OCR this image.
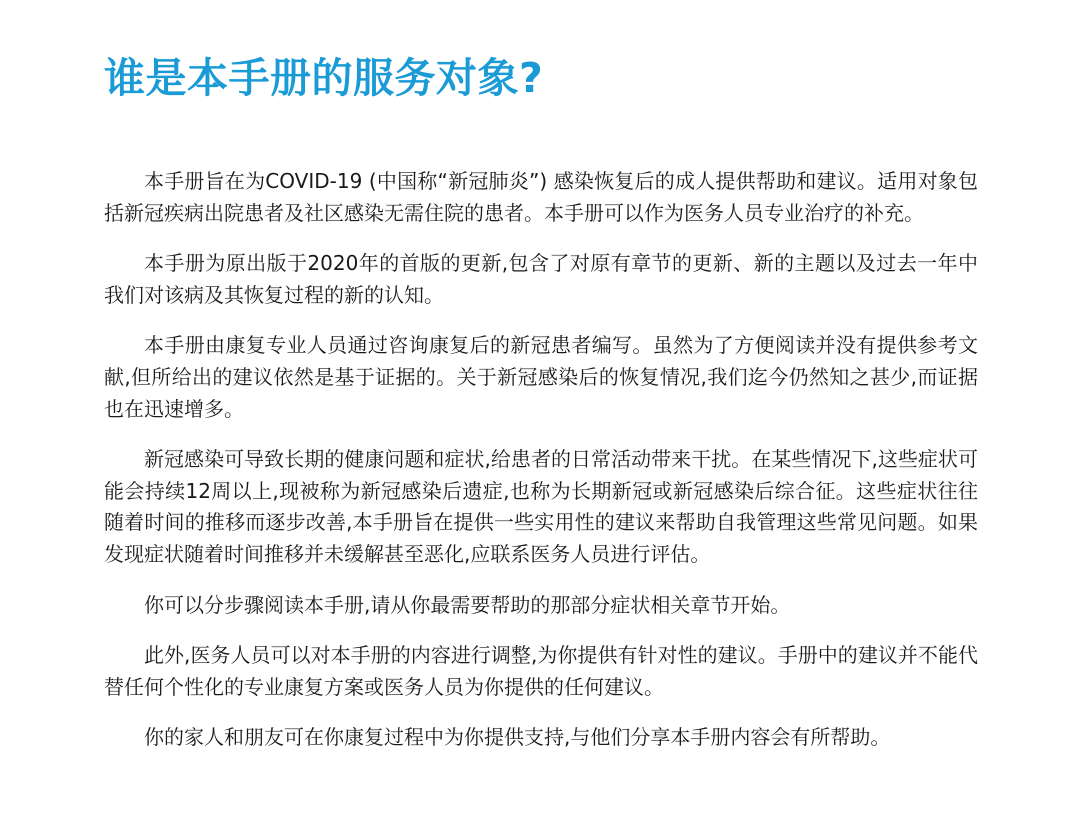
谁是本手册的服务对象?

本手册旨在为COVID-19 (中国称“新冠肺炎”) 感染恢复后的成人提供帮助和建议。适用对象包括新冠疾病出院患者及社区感染无需住院的患者。本手册可以作为医务人员专业治疗的补充。

本手册为原出版于2020年的首版的更新,包含了对原有章节的更新、新的主题以及过去一年中我们对该病及其恢复过程的新的认知。

本手册由康复专业人员通过咨询康复后的新冠患者编写。虽然为了方便阅读并没有提供参考文献,但所给出的建议依然是基于证据的。关于新冠感染后的恢复情况,我们迄今仍然知之甚少,而证据也在迅速增多。

新冠感染可导致长期的健康问题和症状,给患者的日常活动带来干扰。在某些情况下,这些症状可能会持续12周以上,现被称为新冠感染后遗症,也称为长期新冠或新冠感染后综合征。这些症状往往随着时间的推移而逐步改善,本手册旨在提供一些实用性的建议来帮助自我管理这些常见问题。如果发现症状随着时间推移并未缓解甚至恶化,应联系医务人员进行评估。

你可以分步骤阅读本手册,请从你最需要帮助的那部分症状相关章节开始。

此外,医务人员可以对本手册的内容进行调整,为你提供有针对性的建议。手册中的建议并不能代替任何个性化的专业康复方案或医务人员为你提供的任何建议。

你的家人和朋友可在你康复过程中为你提供支持,与他们分享本手册内容会有所帮助。
